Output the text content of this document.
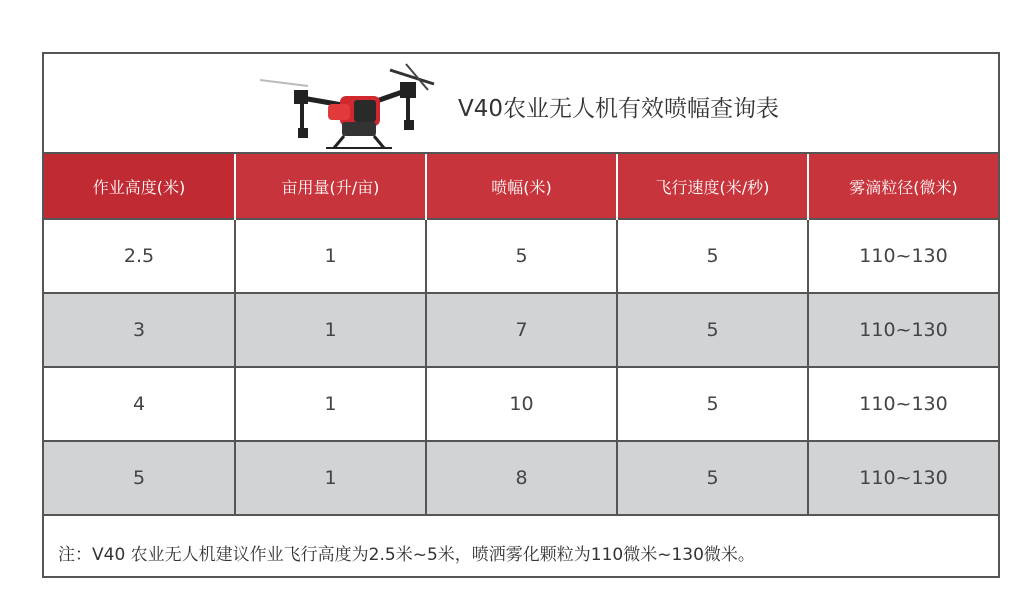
V40农业无人机有效喷幅查询表
作业高度(米)	亩用量(升/亩)	喷幅(米)	飞行速度(米/秒)	雾滴粒径(微米)
2.5	1	5	5	110~130
3	1	7	5	110~130
4	1	10	5	110~130
5	1	8	5	110~130
注：V40 农业无人机建议作业飞行高度为2.5米~5米，喷洒雾化颗粒为110微米~130微米。
